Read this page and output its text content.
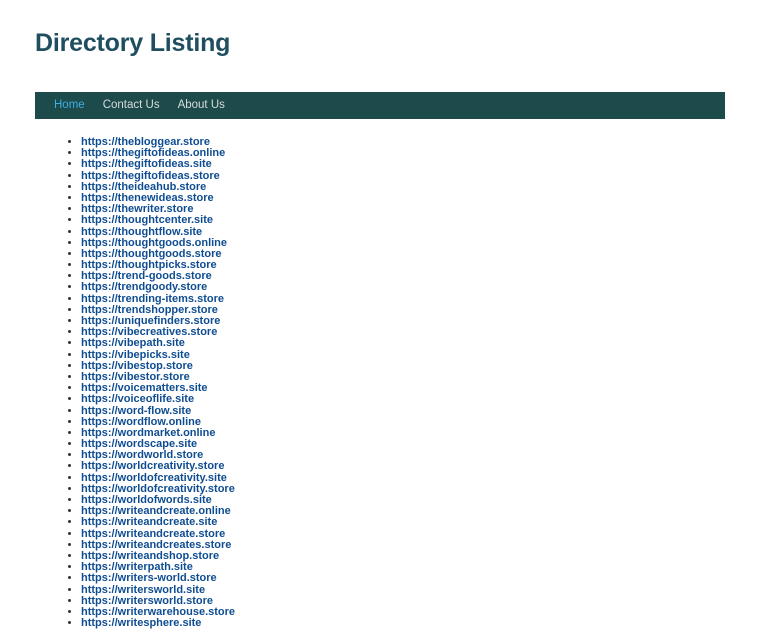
Directory Listing
Home	Contact Us	About Us
• https://thebloggear.store
• https://thegiftofideas.online
• https://thegiftofideas.site
• https://thegiftofideas.store
• https://theideahub.store
• https://thenewideas.store
• https://thewriter.store
• https://thoughtcenter.site
• https://thoughtflow.site
• https://thoughtgoods.online
• https://thoughtgoods.store
• https://thoughtpicks.store
• https://trend-goods.store
• https://trendgoody.store
• https://trending-items.store
• https://trendshopper.store
• https://uniquefinders.store
• https://vibecreatives.store
• https://vibepath.site
• https://vibepicks.site
• https://vibestop.store
• https://vibestor.store
• https://voicematters.site
• https://voiceoflife.site
• https://word-flow.site
• https://wordflow.online
• https://wordmarket.online
• https://wordscape.site
• https://wordworld.store
• https://worldcreativity.store
• https://worldofcreativity.site
• https://worldofcreativity.store
• https://worldofwords.site
• https://writeandcreate.online
• https://writeandcreate.site
• https://writeandcreate.store
• https://writeandcreates.store
• https://writeandshop.store
• https://writerpath.site
• https://writers-world.store
• https://writersworld.site
• https://writersworld.store
• https://writerwarehouse.store
• https://writesphere.site
